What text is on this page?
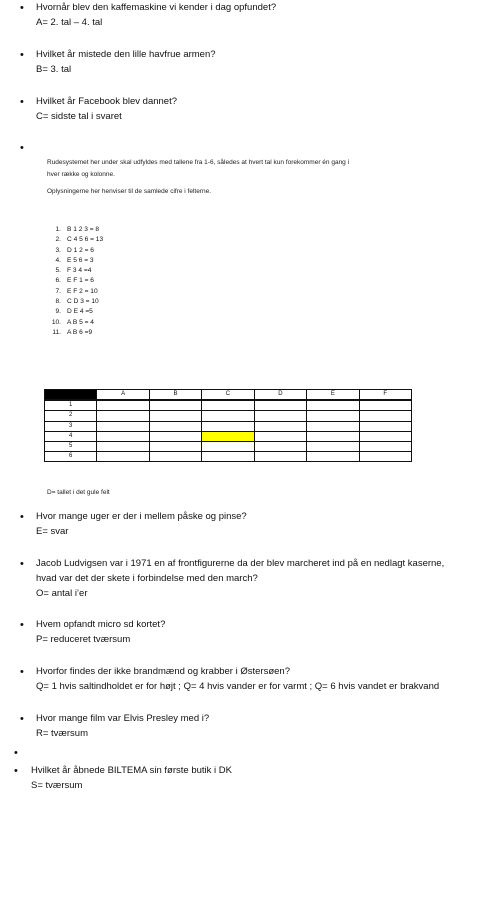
• Hvornår blev den kaffemaskine vi kender i dag opfundet?
A= 2. tal – 4. tal
• Hvilket år mistede den lille havfrue armen?
B= 3. tal
• Hvilket år Facebook blev dannet?
C= sidste tal i svaret
•
Rudesystemet her under skal udfyldes med tallene fra 1-6, således at hvert tal kun forekommer én gang i
hver række og kolonne.
Oplysningerne her henviser til de samlede cifre i felterne.
1. B 1 2 3 = 8
2. C 4 5 6 = 13
3. D 1 2 = 6
4. E 5 6 = 3
5. F 3 4 =4
6. E F 1 = 6
7. E F 2 = 10
8. C D 3 = 10
9. D E 4 =5
10. A B 5 = 4
11. A B 6 =9
	A	B	C	D	E	F
1						
2						
3						
4						
5						
6						
D= tallet i det gule felt
• Hvor mange uger er der i mellem påske og pinse?
E= svar
• Jacob Ludvigsen var i 1971 en af frontfigurerne da der blev marcheret ind på en nedlagt kaserne,
hvad var det der skete i forbindelse med den march?
O= antal i’er
• Hvem opfandt micro sd kortet?
P= reduceret tværsum
• Hvorfor findes der ikke brandmænd og krabber i Østersøen?
Q= 1 hvis saltindholdet er for højt ; Q= 4 hvis vander er for varmt ; Q= 6 hvis vandet er brakvand
• Hvor mange film var Elvis Presley med i?
R= tværsum
•
• Hvilket år åbnede BILTEMA sin første butik i DK
S= tværsum
